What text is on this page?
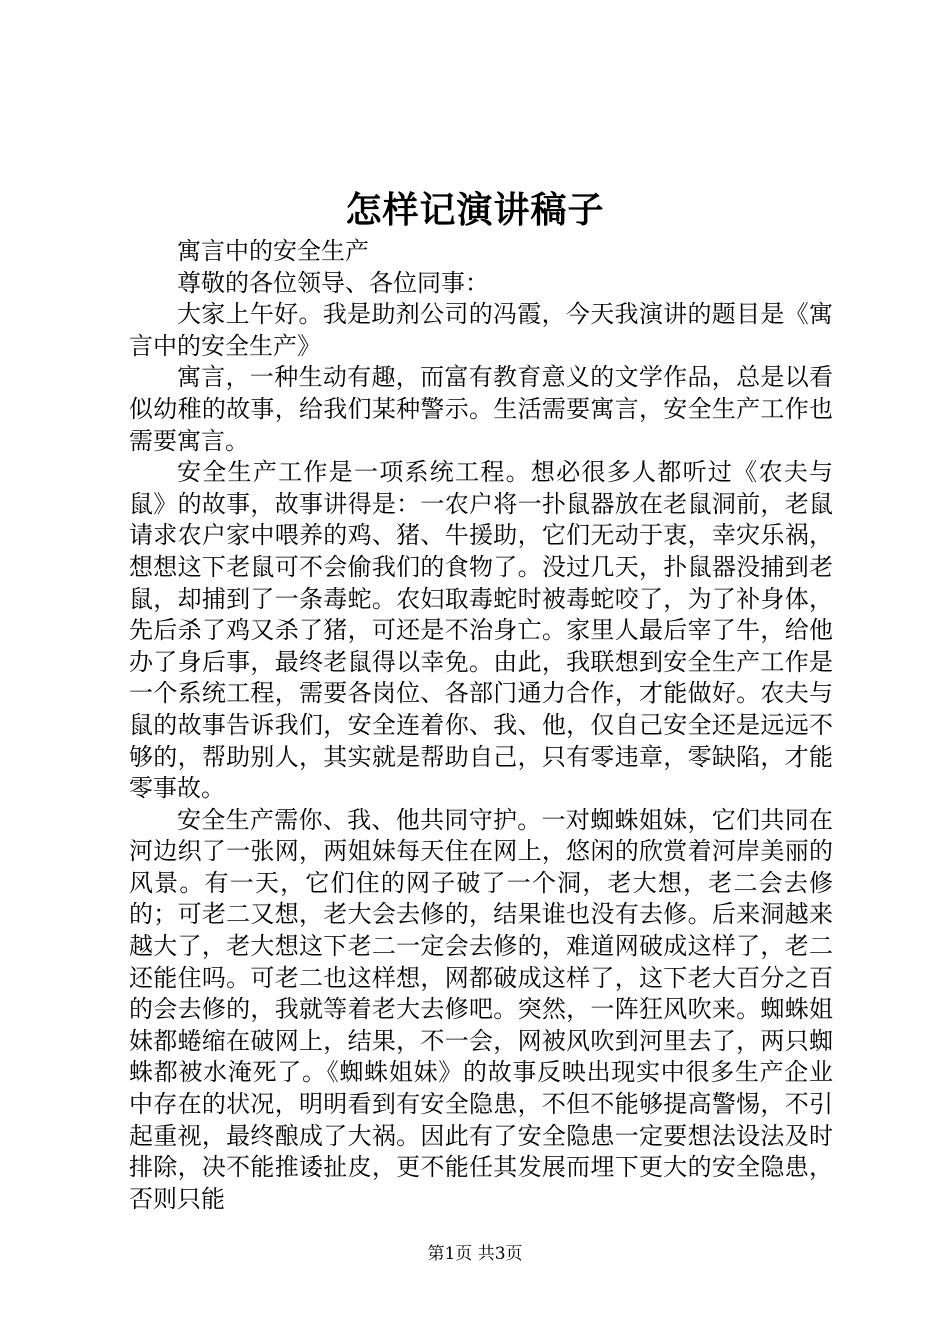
怎样记演讲稿子

寓言中的安全生产

尊敬的各位领导、各位同事：

大家上午好。我是助剂公司的冯霞，今天我演讲的题目是《寓言中的安全生产》

寓言，一种生动有趣，而富有教育意义的文学作品，总是以看似幼稚的故事，给我们某种警示。生活需要寓言，安全生产工作也需要寓言。

安全生产工作是一项系统工程。想必很多人都听过《农夫与鼠》的故事，故事讲得是：一农户将一扑鼠器放在老鼠洞前，老鼠请求农户家中喂养的鸡、猪、牛援助，它们无动于衷，幸灾乐祸，想想这下老鼠可不会偷我们的食物了。没过几天，扑鼠器没捕到老鼠，却捕到了一条毒蛇。农妇取毒蛇时被毒蛇咬了，为了补身体，先后杀了鸡又杀了猪，可还是不治身亡。家里人最后宰了牛，给他办了身后事，最终老鼠得以幸免。由此，我联想到安全生产工作是一个系统工程，需要各岗位、各部门通力合作，才能做好。农夫与鼠的故事告诉我们，安全连着你、我、他，仅自己安全还是远远不够的，帮助别人，其实就是帮助自己，只有零违章，零缺陷，才能零事故。

安全生产需你、我、他共同守护。一对蜘蛛姐妹，它们共同在河边织了一张网，两姐妹每天住在网上，悠闲的欣赏着河岸美丽的风景。有一天，它们住的网子破了一个洞，老大想，老二会去修的；可老二又想，老大会去修的，结果谁也没有去修。后来洞越来越大了，老大想这下老二一定会去修的，难道网破成这样了，老二还能住吗。可老二也这样想，网都破成这样了，这下老大百分之百的会去修的，我就等着老大去修吧。突然，一阵狂风吹来。蜘蛛姐妹都蜷缩在破网上，结果，不一会，网被风吹到河里去了，两只蜘蛛都被水淹死了。《蜘蛛姐妹》的故事反映出现实中很多生产企业中存在的状况，明明看到有安全隐患，不但不能够提高警惕，不引起重视，最终酿成了大祸。因此有了安全隐患一定要想法设法及时排除，决不能推诿扯皮，更不能任其发展而埋下更大的安全隐患，否则只能

第1页 共3页
